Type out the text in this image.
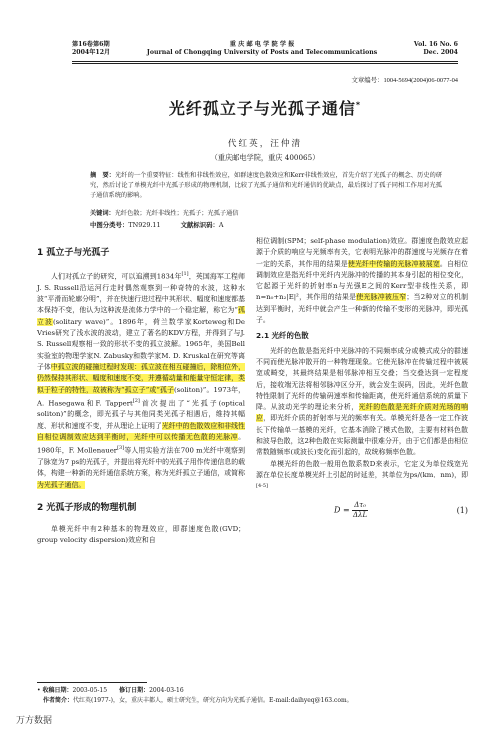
第16卷第6期
2004年12月
重 庆 邮 电 学 院 学 报
Journal of Chongqing University of Posts and Telecommunications
Vol. 16 No. 6
Dec. 2004
文章编号：1004-5694(2004)06-0077-04
光纤孤立子与光孤子通信*
代红英，汪仲清
（重庆邮电学院，重庆 400065）
摘　要：光纤的一个重要特征：线性和非线性效应，如群速度色散效应和Kerr非线性效应，首先介绍了光孤子的概念、历史的研究，然后讨论了单模光纤中光孤子形成的物理机制，比较了光孤子通信和光纤通信的优缺点，最后探讨了孤子同相工作用对光孤子通信系统的影响。
关键词：光纤色散；光纤非线性；光孤子；光孤子通信
中图分类号：TN929.11	文献标识码：A
1 孤立子与光孤子

人们对孤立子的研究，可以追溯到1834年[1]，英国海军工程师J. S. Russell沿运河行走时偶然观察到一种奇特的水波，这种水波“平滑而轮廓分明”，并在快速行进过程中其形状、幅度和速度都基本保持不变，他认为这种波是流体力学中的一个稳定解，称它为“孤立波(solitary wave)”。1896年，荷兰数学家Korteweg和De Vries研究了浅水波的波动，建立了著名的KDV方程，并得到了与J. S. Russell观察相一致的形状不变的孤立波解。1965年，美国Bell实验室的物理学家N. Zabusky和数学家M. D. Kruskal在研究等离子体中孤立波的碰撞过程时发现：孤立波在相互碰撞后，除相位外，仍然保持其形状、幅度和速度不变，并遵循动量和能量守恒定律，类似于粒子的特性，故被称为“孤立子”或“孤子(soliton)”。1973年，A. Hasegawa和F. Tappert[2]首次提出了“光孤子(optical soliton)”的概念，即光孤子与其他同类光孤子相遇后，维持其幅度、形状和速度不变，并从理论上证明了光纤中的色散效应和非线性自相位调制效应达到平衡时，光纤中可以传播无色散的光脉冲。1980年，F. Mollenauer[3]等人用实验方法在700 m光纤中观察到了脉宽为7 ps的光孤子，并提出将光纤中的光孤子用作传递信息的载体，构建一种新的光纤通信系统方案，称为光纤孤立子通信，或简称为光孤子通信。

2 光孤子形成的物理机制

单模光纤中有2种基本的物理效应，即群速度色散(GVD；group velocity dispersion)效应和自

相位调制(SPM；self-phase modulation)效应。群速度色散效应起源于介质的响应与光频率有关，它表明光脉冲的群速度与光频存在着一定的关系，其作用的结果是使光纤中传输的光脉冲被展宽。自相位调制效应是指光纤中光纤内光脉冲的传播的其本身引起的相位变化，它起源于光纤的折射率n与光强E之间的Kerr型非线性关系，即n=n₀+n₂|E|²，其作用的结果是使光脉冲被压窄；当2种对立的机制达到平衡时，光纤中就会产生一种新的传输不变形的光脉冲，即光孤子。

2.1 光纤的色散

光纤的色散是指光纤中光脉冲的不同频率成分或模式成分的群速不同而使光脉冲散开的一种物理现象。它使光脉冲在传输过程中被展宽或畸变，其最终结果是相邻脉冲相互交叠；当交叠达到一定程度后，接收端无法将相邻脉冲区分开，就会发生误码，因此，光纤色散特性限制了光纤的传输码速率和传输距离，使光纤通信系统的质量下降。从波动光学的理论来分析，光纤的色散是光纤介质对光场的响应，即光纤介质的折射率与光的频率有关。单模光纤是各一定工作波长下传输单一基模的光纤，它基本消除了模式色散，主要有材料色散和波导色散，这2种色散在实际测量中很难分开，由于它们都是由相位常数随频率(或波长)变化而引起的，故统称频率色散。

单模光纤的色散一般用色散系数D来表示，它定义为单位线宽光源在单位长度单模光纤上引起的时延差，其单位为ps/(km．nm)，即[4-5]

$D = \frac{\text{Δτ₀}}{\text{ΔλL}}$	(1)
• 收稿日期：2003-05-15　　 修订日期：2004-03-16
　作者简介：代红英(1977-)，女，重庆丰都人，硕士研究生，研究方向为光孤子通信。E-mail:daihyeq@163.com。
万方数据
